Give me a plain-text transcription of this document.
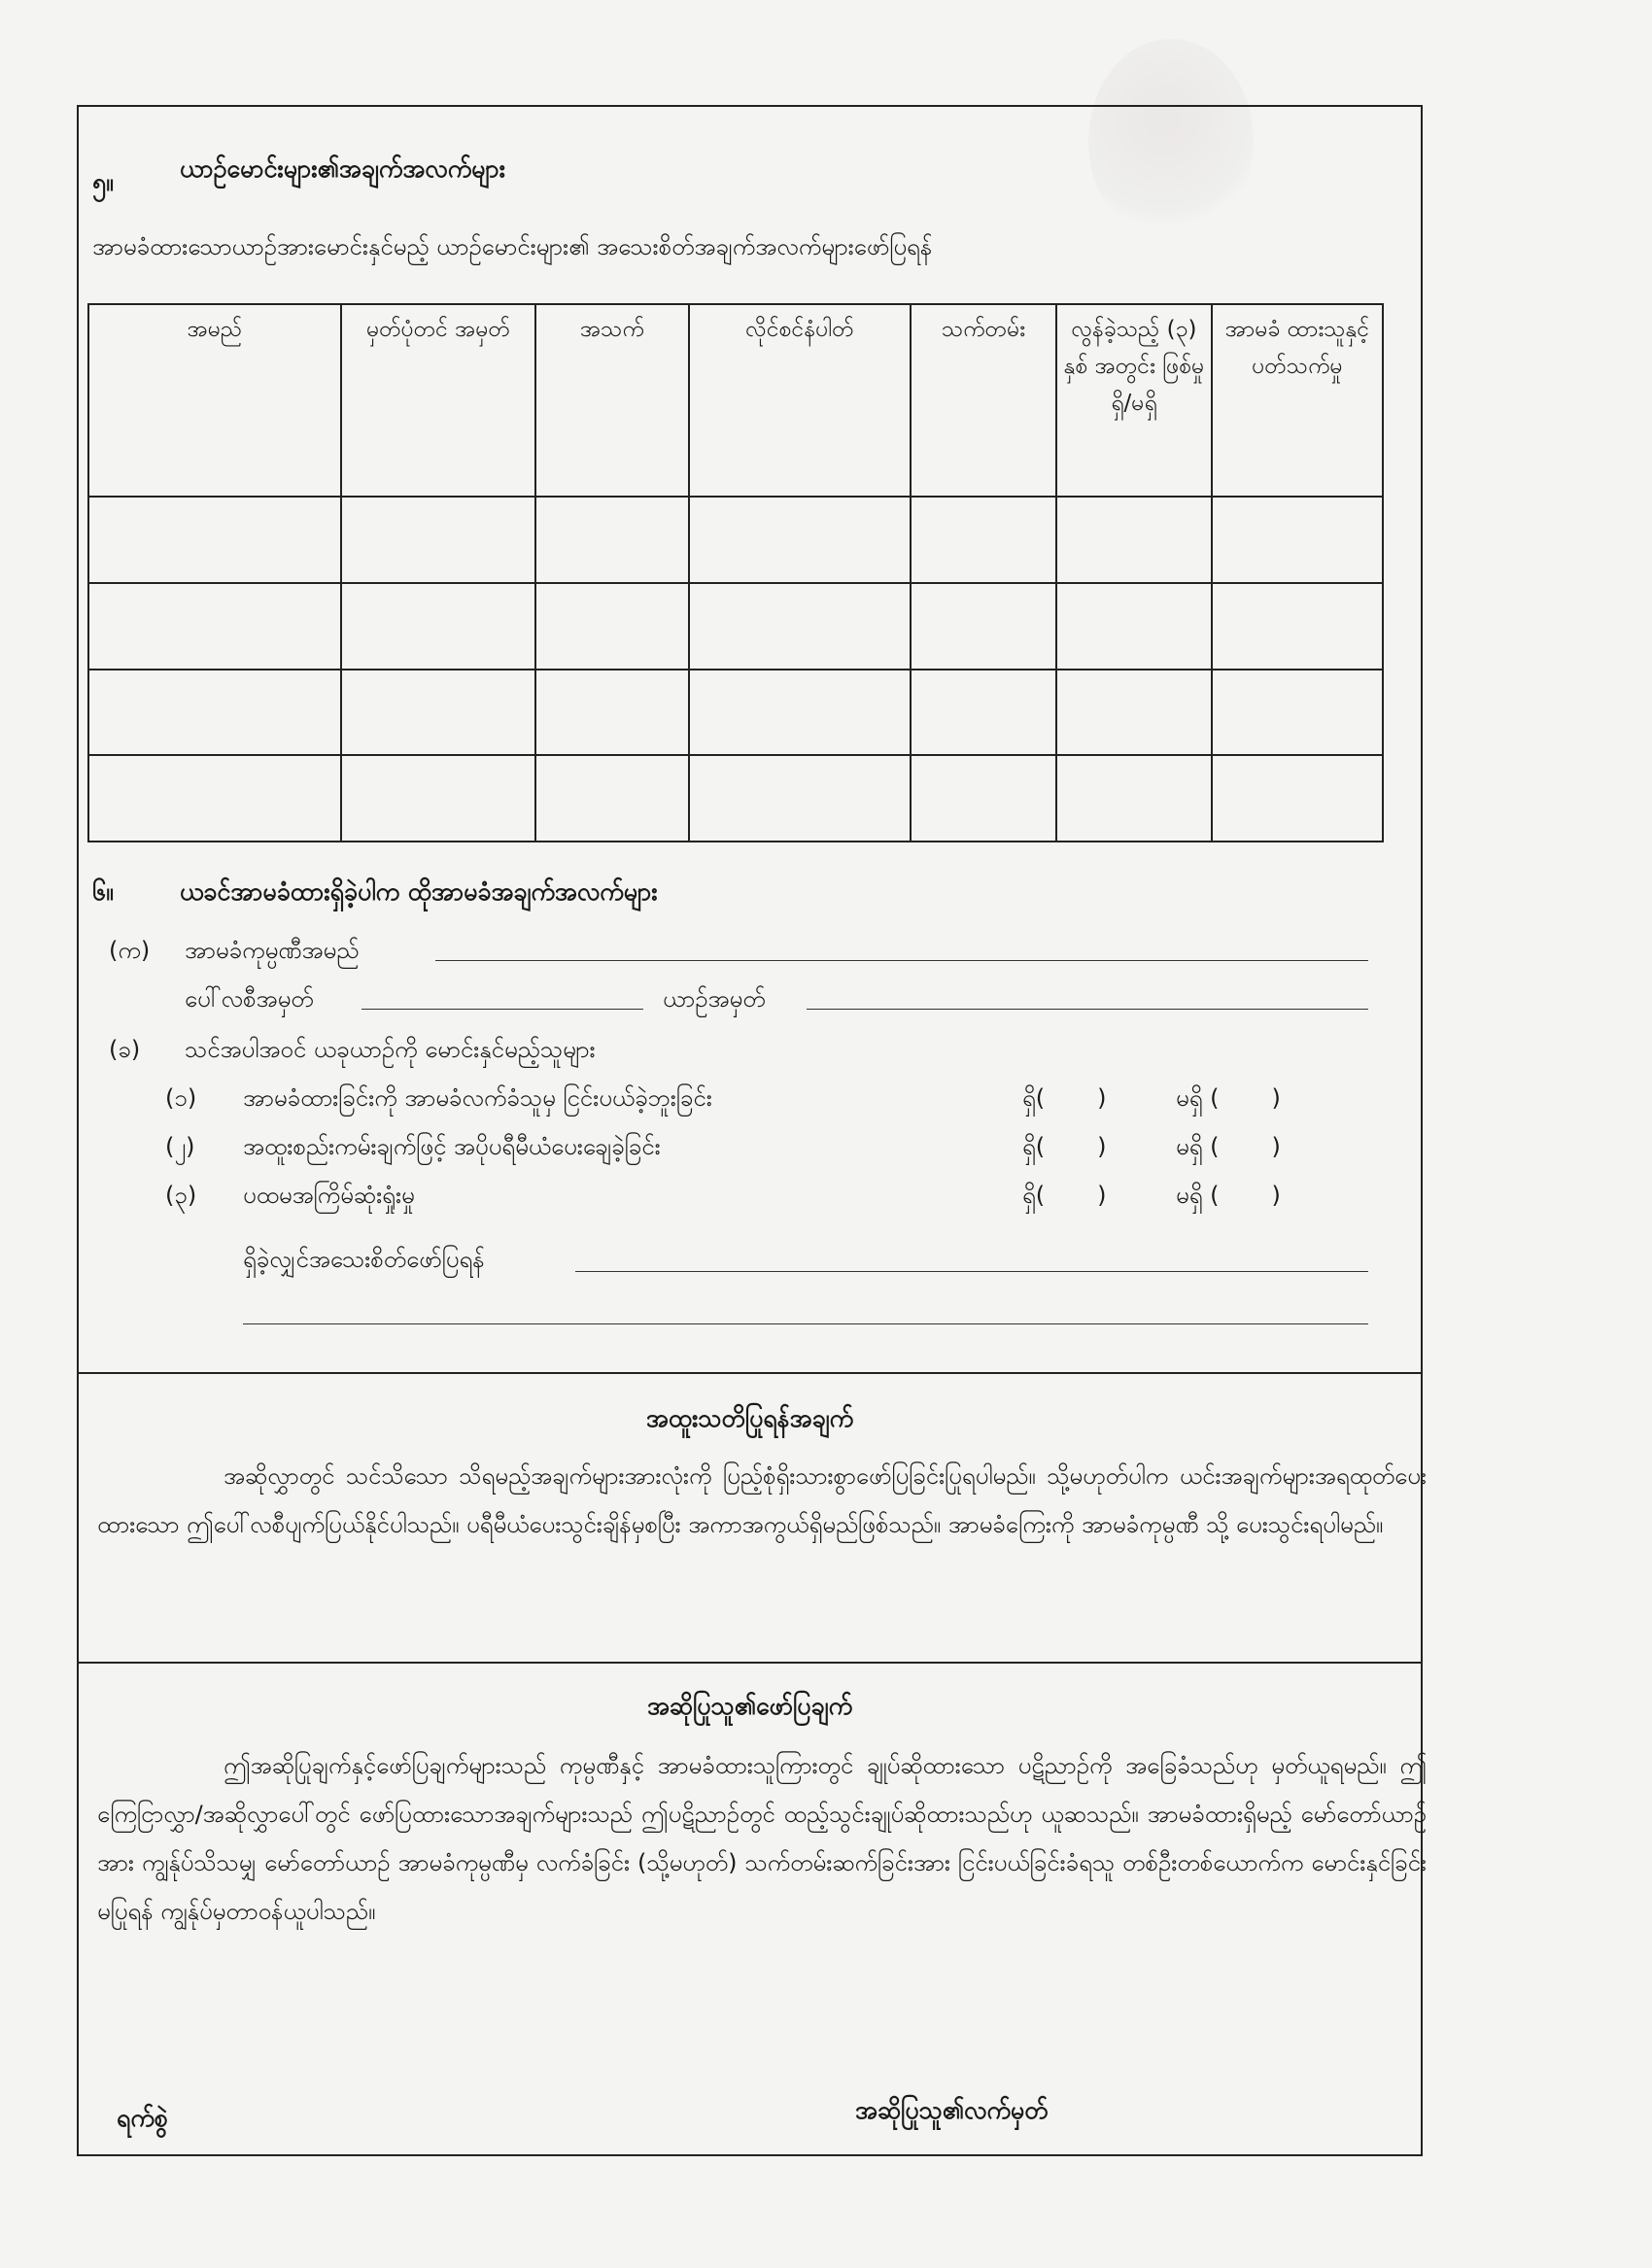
၅။	ယာဉ်မောင်းများ၏အချက်အလက်များ
အာမခံထားသောယာဉ်အားမောင်းနှင်မည့် ယာဉ်မောင်းများ၏ အသေးစိတ်အချက်အလက်များဖော်ပြရန်
အမည်	မှတ်ပုံတင် အမှတ်	အသက်	လိုင်စင်နံပါတ်	သက်တမ်း	လွန်ခဲ့သည့် (၃) နှစ် အတွင်း ဖြစ်မှုရှိ/မရှိ	အာမခံ ထားသူနှင့် ပတ်သက်မှု

၆။	ယခင်အာမခံထားရှိခဲ့ပါက ထိုအာမခံအချက်အလက်များ
(က) အာမခံကုမ္ပဏီအမည်
ပေါ်လစီအမှတ်	ယာဉ်အမှတ်
(ခ) သင်အပါအဝင် ယခုယာဉ်ကို မောင်းနှင်မည့်သူများ
(၁) အာမခံထားခြင်းကို အာမခံလက်ခံသူမှ ငြင်းပယ်ခဲ့ဘူးခြင်း	ရှိ( )	မရှိ ( )
(၂) အထူးစည်းကမ်းချက်ဖြင့် အပိုပရီမီယံပေးချေခဲ့ခြင်း	ရှိ( )	မရှိ ( )
(၃) ပထမအကြိမ်ဆုံးရှုံးမှု	ရှိ( )	မရှိ ( )
ရှိခဲ့လျှင်အသေးစိတ်ဖော်ပြရန်
အထူးသတိပြုရန်အချက်
အဆိုလွှာတွင် သင်သိသော သိရမည့်အချက်များအားလုံးကို ပြည့်စုံရှိးသားစွာဖော်ပြခြင်းပြုရပါမည်။ သို့မဟုတ်ပါက ယင်းအချက်များအရထုတ်ပေးထားသော ဤပေါ်လစီပျက်ပြယ်နိုင်ပါသည်။ ပရီမီယံပေးသွင်းချိန်မှစပြီး အကာအကွယ်ရှိမည်ဖြစ်သည်။ အာမခံကြေးကို အာမခံကုမ္ပဏီ သို့ ပေးသွင်းရပါမည်။
အဆိုပြုသူ၏ဖော်ပြချက်
ဤအဆိုပြုချက်နှင့်ဖော်ပြချက်များသည် ကုမ္ပဏီနှင့် အာမခံထားသူကြားတွင် ချုပ်ဆိုထားသော ပဋိညာဉ်ကို အခြေခံသည်ဟု မှတ်ယူရမည်။ ဤကြေငြာလွှာ/အဆိုလွှာပေါ်တွင် ဖော်ပြထားသောအချက်များသည် ဤပဋိညာဉ်တွင် ထည့်သွင်းချုပ်ဆိုထားသည်ဟု ယူဆသည်။ အာမခံထားရှိမည့် မော်တော်ယာဉ်အား ကျွန်ုပ်သိသမျှ မော်တော်ယာဉ် အာမခံကုမ္ပဏီမှ လက်ခံခြင်း (သို့မဟုတ်) သက်တမ်းဆက်ခြင်းအား ငြင်းပယ်ခြင်းခံရသူ တစ်ဦးတစ်ယောက်က မောင်းနှင်ခြင်းမပြုရန် ကျွန်ုပ်မှတာဝန်ယူပါသည်။
ရက်စွဲ	အဆိုပြုသူ၏လက်မှတ်
